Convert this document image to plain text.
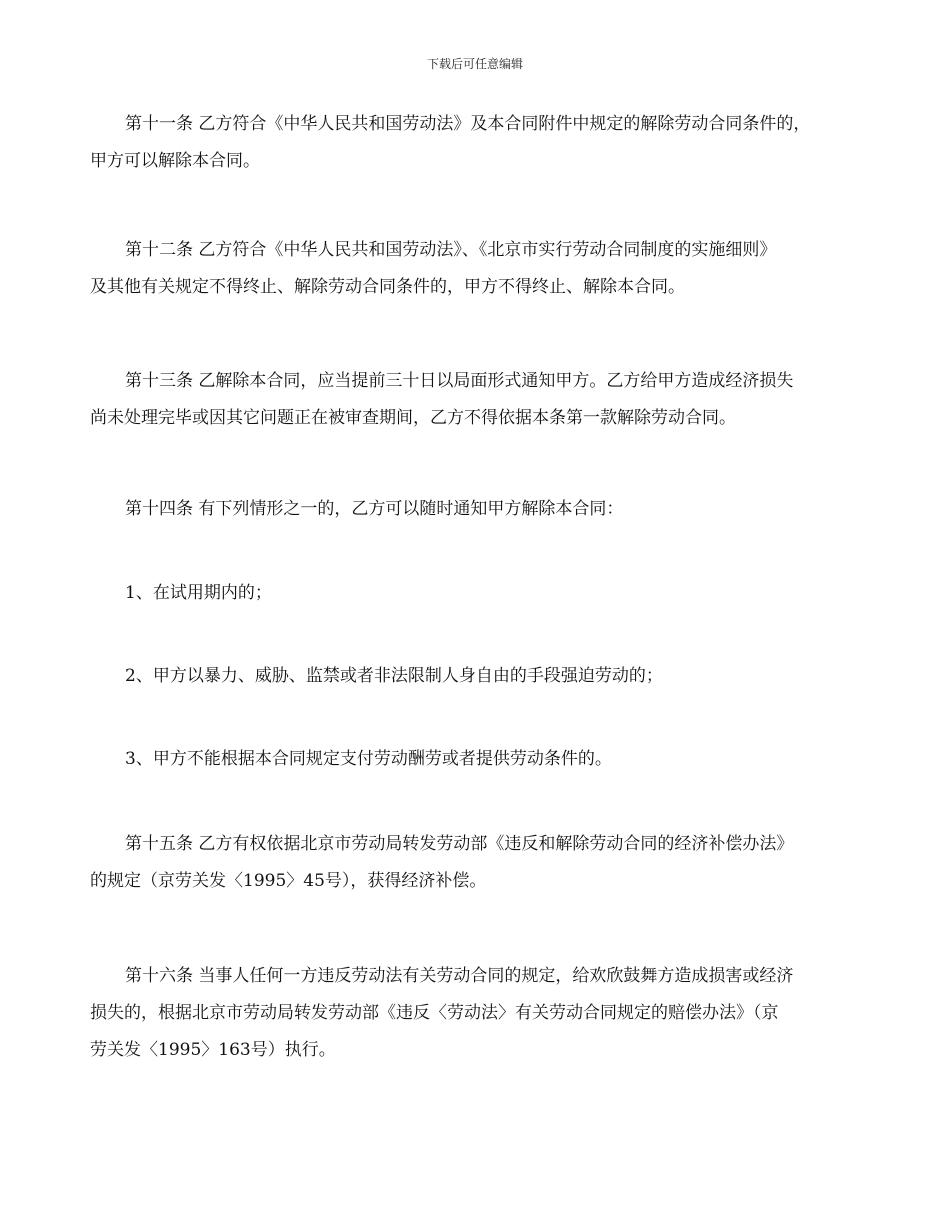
下载后可任意编辑
第十一条 乙方符合《中华人民共和国劳动法》及本合同附件中规定的解除劳动合同条件的，
甲方可以解除本合同。
第十二条 乙方符合《中华人民共和国劳动法》、《北京市实行劳动合同制度的实施细则》
及其他有关规定不得终止、解除劳动合同条件的，甲方不得终止、解除本合同。
第十三条 乙解除本合同，应当提前三十日以局面形式通知甲方。乙方给甲方造成经济损失
尚未处理完毕或因其它问题正在被审查期间，乙方不得依据本条第一款解除劳动合同。
第十四条 有下列情形之一的，乙方可以随时通知甲方解除本合同：
1、在试用期内的；
2、甲方以暴力、威胁、监禁或者非法限制人身自由的手段强迫劳动的；
3、甲方不能根据本合同规定支付劳动酬劳或者提供劳动条件的。
第十五条 乙方有权依据北京市劳动局转发劳动部《违反和解除劳动合同的经济补偿办法》
的规定（京劳关发〈1995〉45号），获得经济补偿。
第十六条 当事人任何一方违反劳动法有关劳动合同的规定，给欢欣鼓舞方造成损害或经济
损失的，根据北京市劳动局转发劳动部《违反〈劳动法〉有关劳动合同规定的赔偿办法》（京
劳关发〈1995〉163号）执行。
